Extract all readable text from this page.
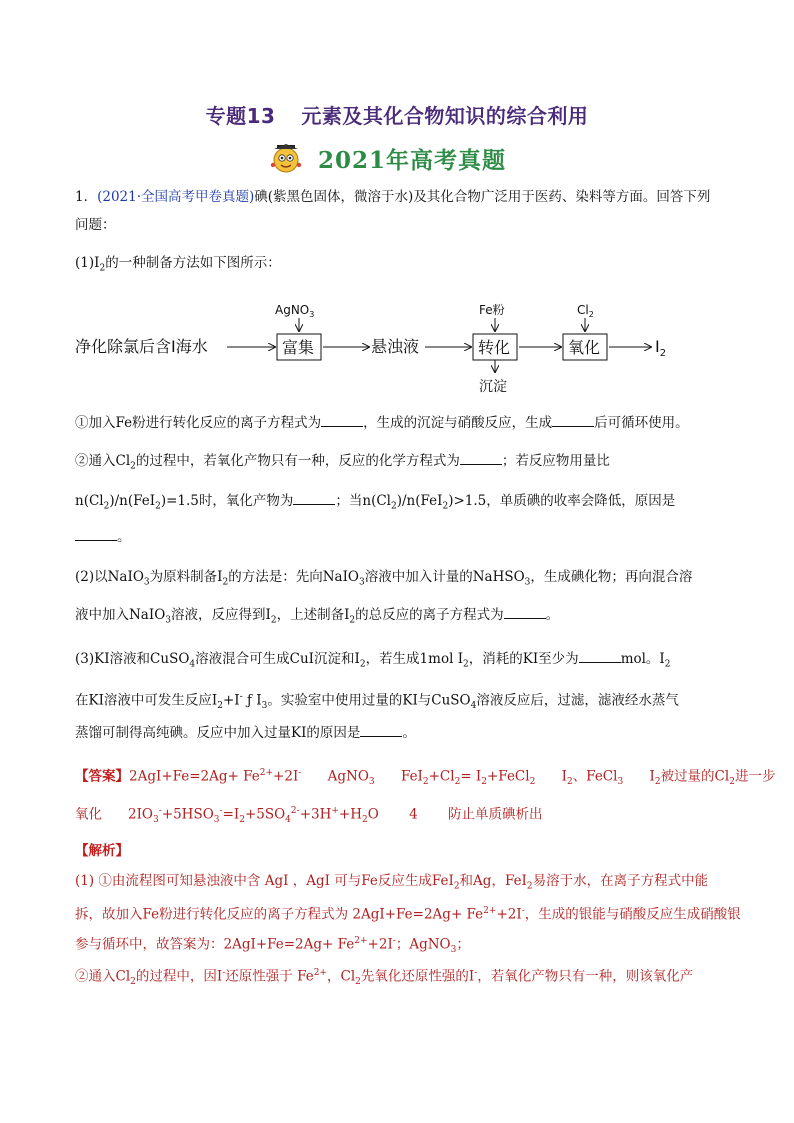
专题13 元素及其化合物知识的综合利用
2021年高考真题
1．(2021·全国高考甲卷真题)碘(紫黑色固体，微溶于水)及其化合物广泛用于医药、染料等方面。回答下列
问题：
$(1)I_2$的一种制备方法如下图所示：
净化除氯后含I海水	富集
AgNO$_3$
悬浊液	转化
Fe粉
沉淀
氧化
$Cl_2$
$I_2$
①加入Fe粉进行转化反应的离子方程式为	，生成的沉淀与硝酸反应，生成	后可循环使用。
②通入$Cl_2$的过程中，若氧化产物只有一种，反应的化学方程式为	；若反应物用量比
$n(Cl_2)/n(FeI_2)=1.5$时，氧化产物为	；当$n(Cl_2)/n(FeI_2)>1.5$，单质碘的收率会降低，原因是
。
(2)以NaIO$_3$为原料制备$I_2$的方法是：先向NaIO$_3$溶液中加入计量的NaHSO$_3$，生成碘化物；再向混合溶
液中加入NaIO$_3$溶液，反应得到$I_2$，上述制备$I_2$的总反应的离子方程式为	。
(3)KI溶液和CuSO$_4$溶液混合可生成CuI沉淀和$I_2$，若生成1mol $I_2$，消耗的KI至少为	mol。$I_2$
在KI溶液中可发生反应$I_2+I^-$ ƒ $I_3$。实验室中使用过量的KI与CuSO$_4$溶液反应后，过滤，滤液经水蒸气
蒸馏可制得高纯碘。反应中加入过量KI的原因是	。
【答案】$2AgI+Fe=2Ag+ Fe^{2+}+2I^-$ AgNO$_3$ $FeI_2+Cl_2=$ $I_2+FeCl_2$ $I_2$、FeCl$_3$ $I_2$被过量的$Cl_2$进一步
氧化 $2IO_3^-+5HSO_3^-=I_2+5SO_4^{2-}+3H^++H_2O$ 4 防止单质碘析出
【解析】
(1) ①由流程图可知悬浊液中含 AgI ，AgI 可与Fe反应生成FeI$_2$和Ag，FeI$_2$易溶于水，在离子方程式中能
拆，故加入Fe粉进行转化反应的离子方程式为 $2AgI+Fe=2Ag+ Fe^{2+}+2I^-$，生成的银能与硝酸反应生成硝酸银
参与循环中，故答案为：$2AgI+Fe=2Ag+ Fe^{2+}+2I^-$；AgNO$_3$；
②通入$Cl_2$的过程中，因I-还原性强于 $Fe^{2+}$，$Cl_2$先氧化还原性强的I-，若氧化产物只有一种，则该氧化产
